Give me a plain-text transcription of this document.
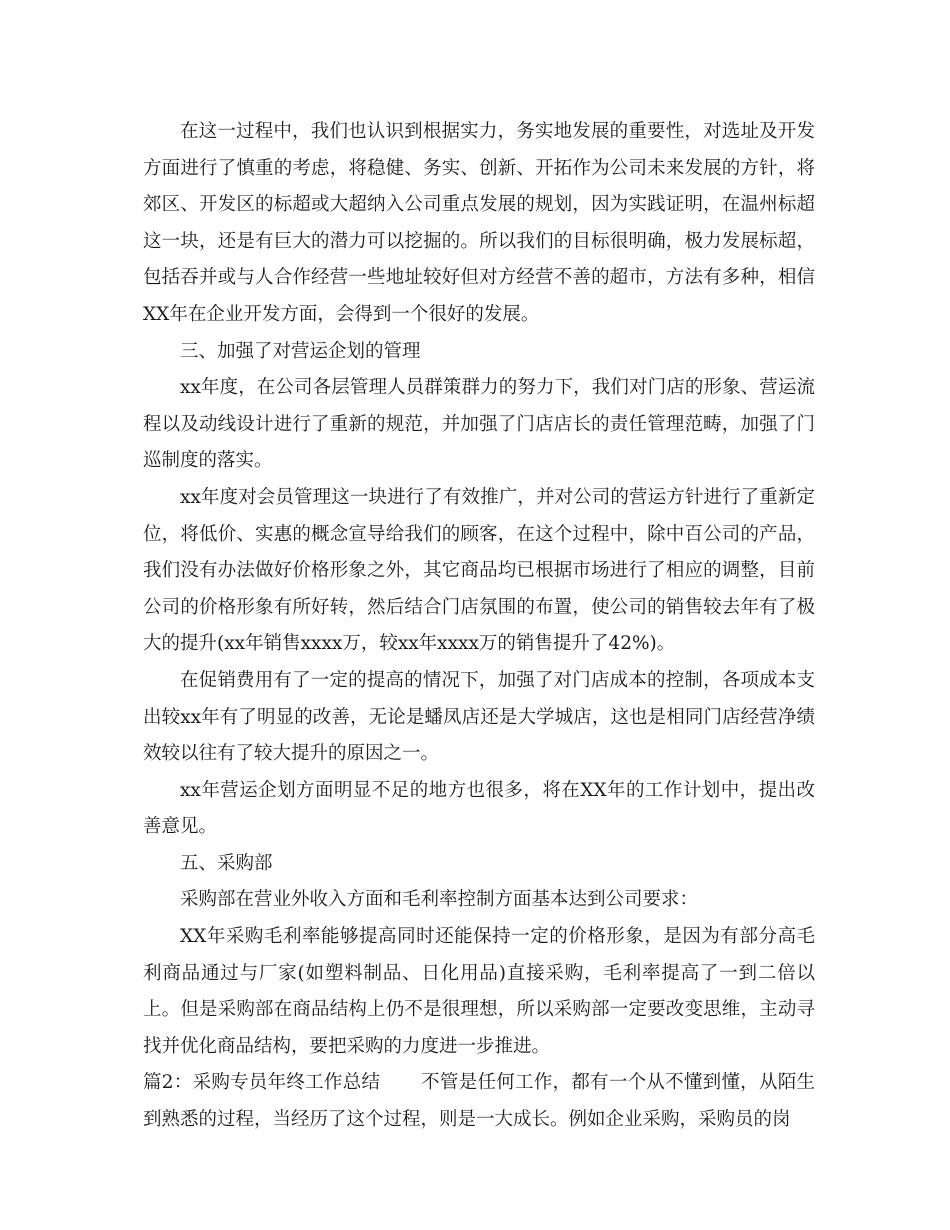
在这一过程中，我们也认识到根据实力，务实地发展的重要性，对选址及开发方面进行了慎重的考虑，将稳健、务实、创新、开拓作为公司未来发展的方针，将郊区、开发区的标超或大超纳入公司重点发展的规划，因为实践证明，在温州标超这一块，还是有巨大的潜力可以挖掘的。所以我们的目标很明确，极力发展标超，包括吞并或与人合作经营一些地址较好但对方经营不善的超市，方法有多种，相信XX年在企业开发方面，会得到一个很好的发展。

三、加强了对营运企划的管理

xx年度，在公司各层管理人员群策群力的努力下，我们对门店的形象、营运流程以及动线设计进行了重新的规范，并加强了门店店长的责任管理范畴，加强了门巡制度的落实。

xx年度对会员管理这一块进行了有效推广，并对公司的营运方针进行了重新定位，将低价、实惠的概念宣导给我们的顾客，在这个过程中，除中百公司的产品，我们没有办法做好价格形象之外，其它商品均已根据市场进行了相应的调整，目前公司的价格形象有所好转，然后结合门店氛围的布置，使公司的销售较去年有了极大的提升(xx年销售xxxx万，较xx年xxxx万的销售提升了42%)。

在促销费用有了一定的提高的情况下，加强了对门店成本的控制，各项成本支出较xx年有了明显的改善，无论是蟠凤店还是大学城店，这也是相同门店经营净绩效较以往有了较大提升的原因之一。

xx年营运企划方面明显不足的地方也很多，将在XX年的工作计划中，提出改善意见。

五、采购部

采购部在营业外收入方面和毛利率控制方面基本达到公司要求：

XX年采购毛利率能够提高同时还能保持一定的价格形象，是因为有部分高毛利商品通过与厂家(如塑料制品、日化用品)直接采购，毛利率提高了一到二倍以上。但是采购部在商品结构上仍不是很理想，所以采购部一定要改变思维，主动寻找并优化商品结构，要把采购的力度进一步推进。

篇2：采购专员年终工作总结 不管是任何工作，都有一个从不懂到懂，从陌生到熟悉的过程，当经历了这个过程，则是一大成长。例如企业采购，采购员的岗
